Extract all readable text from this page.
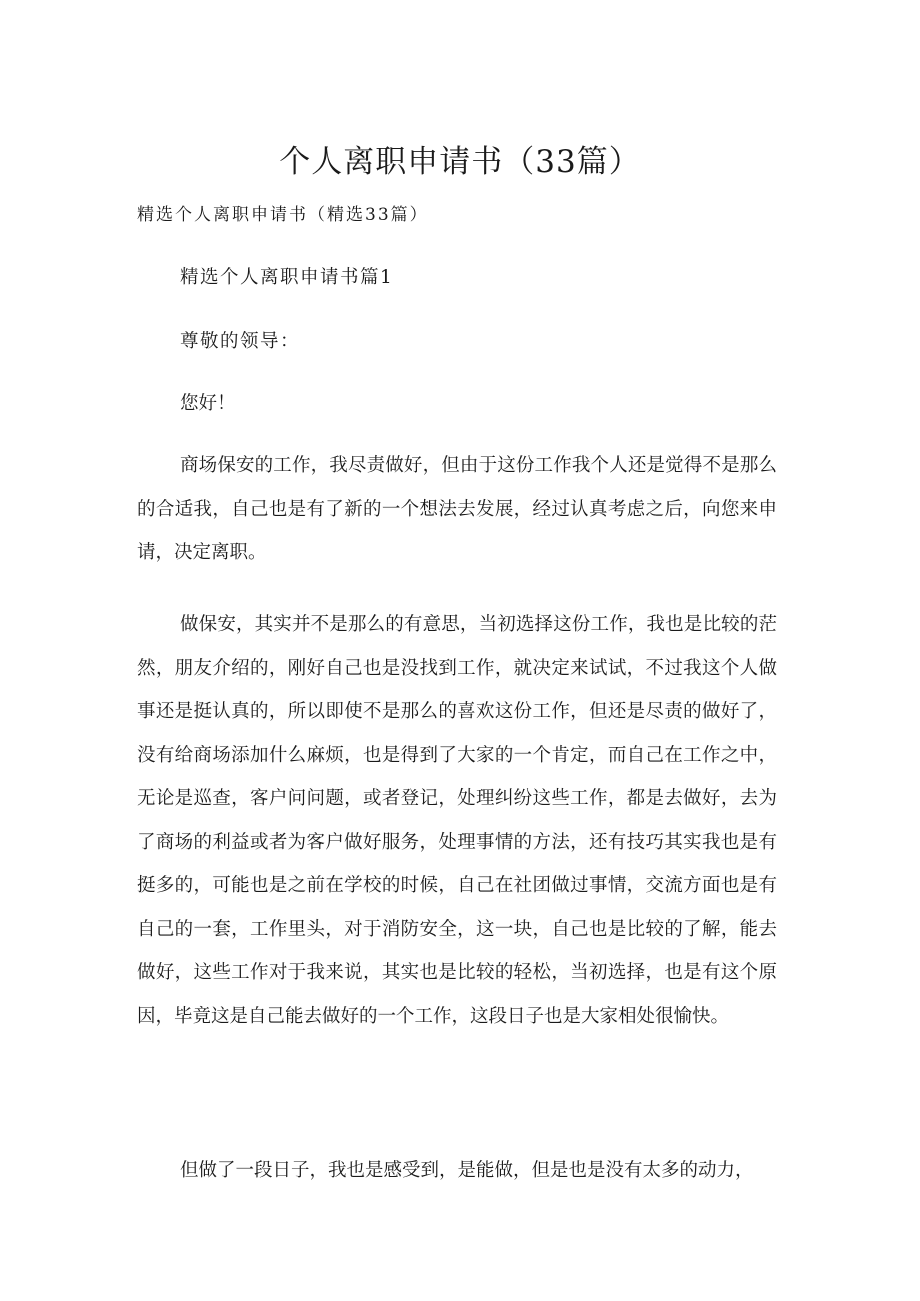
个人离职申请书（33篇）

精选个人离职申请书（精选33篇）

精选个人离职申请书篇1

尊敬的领导：

您好！

商场保安的工作，我尽责做好，但由于这份工作我个人还是觉得不是那么的合适我，自己也是有了新的一个想法去发展，经过认真考虑之后，向您来申请，决定离职。

做保安，其实并不是那么的有意思，当初选择这份工作，我也是比较的茫然，朋友介绍的，刚好自己也是没找到工作，就决定来试试，不过我这个人做事还是挺认真的，所以即使不是那么的喜欢这份工作，但还是尽责的做好了，没有给商场添加什么麻烦，也是得到了大家的一个肯定，而自己在工作之中，无论是巡查，客户问问题，或者登记，处理纠纷这些工作，都是去做好，去为了商场的利益或者为客户做好服务，处理事情的方法，还有技巧其实我也是有挺多的，可能也是之前在学校的时候，自己在社团做过事情，交流方面也是有自己的一套，工作里头，对于消防安全，这一块，自己也是比较的了解，能去做好，这些工作对于我来说，其实也是比较的轻松，当初选择，也是有这个原因，毕竟这是自己能去做好的一个工作，这段日子也是大家相处很愉快。

但做了一段日子，我也是感受到，是能做，但是也是没有太多的动力，
